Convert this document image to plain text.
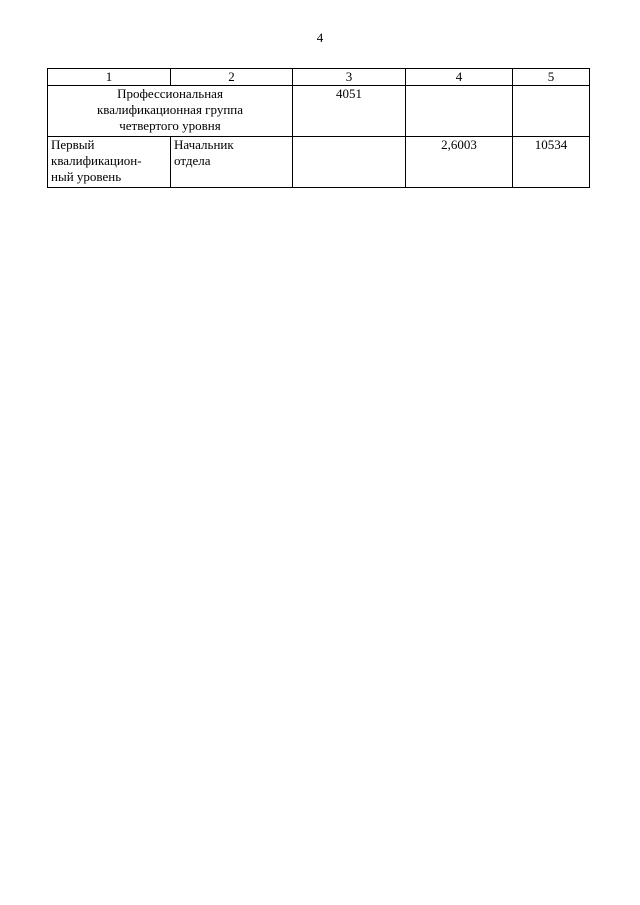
4
1	2	3	4	5

Профессиональная
квалификационная группа
четвертого уровня		4051		

Первый
квалификацион-
ный уровень	Начальник
отдела		2,6003	10534
